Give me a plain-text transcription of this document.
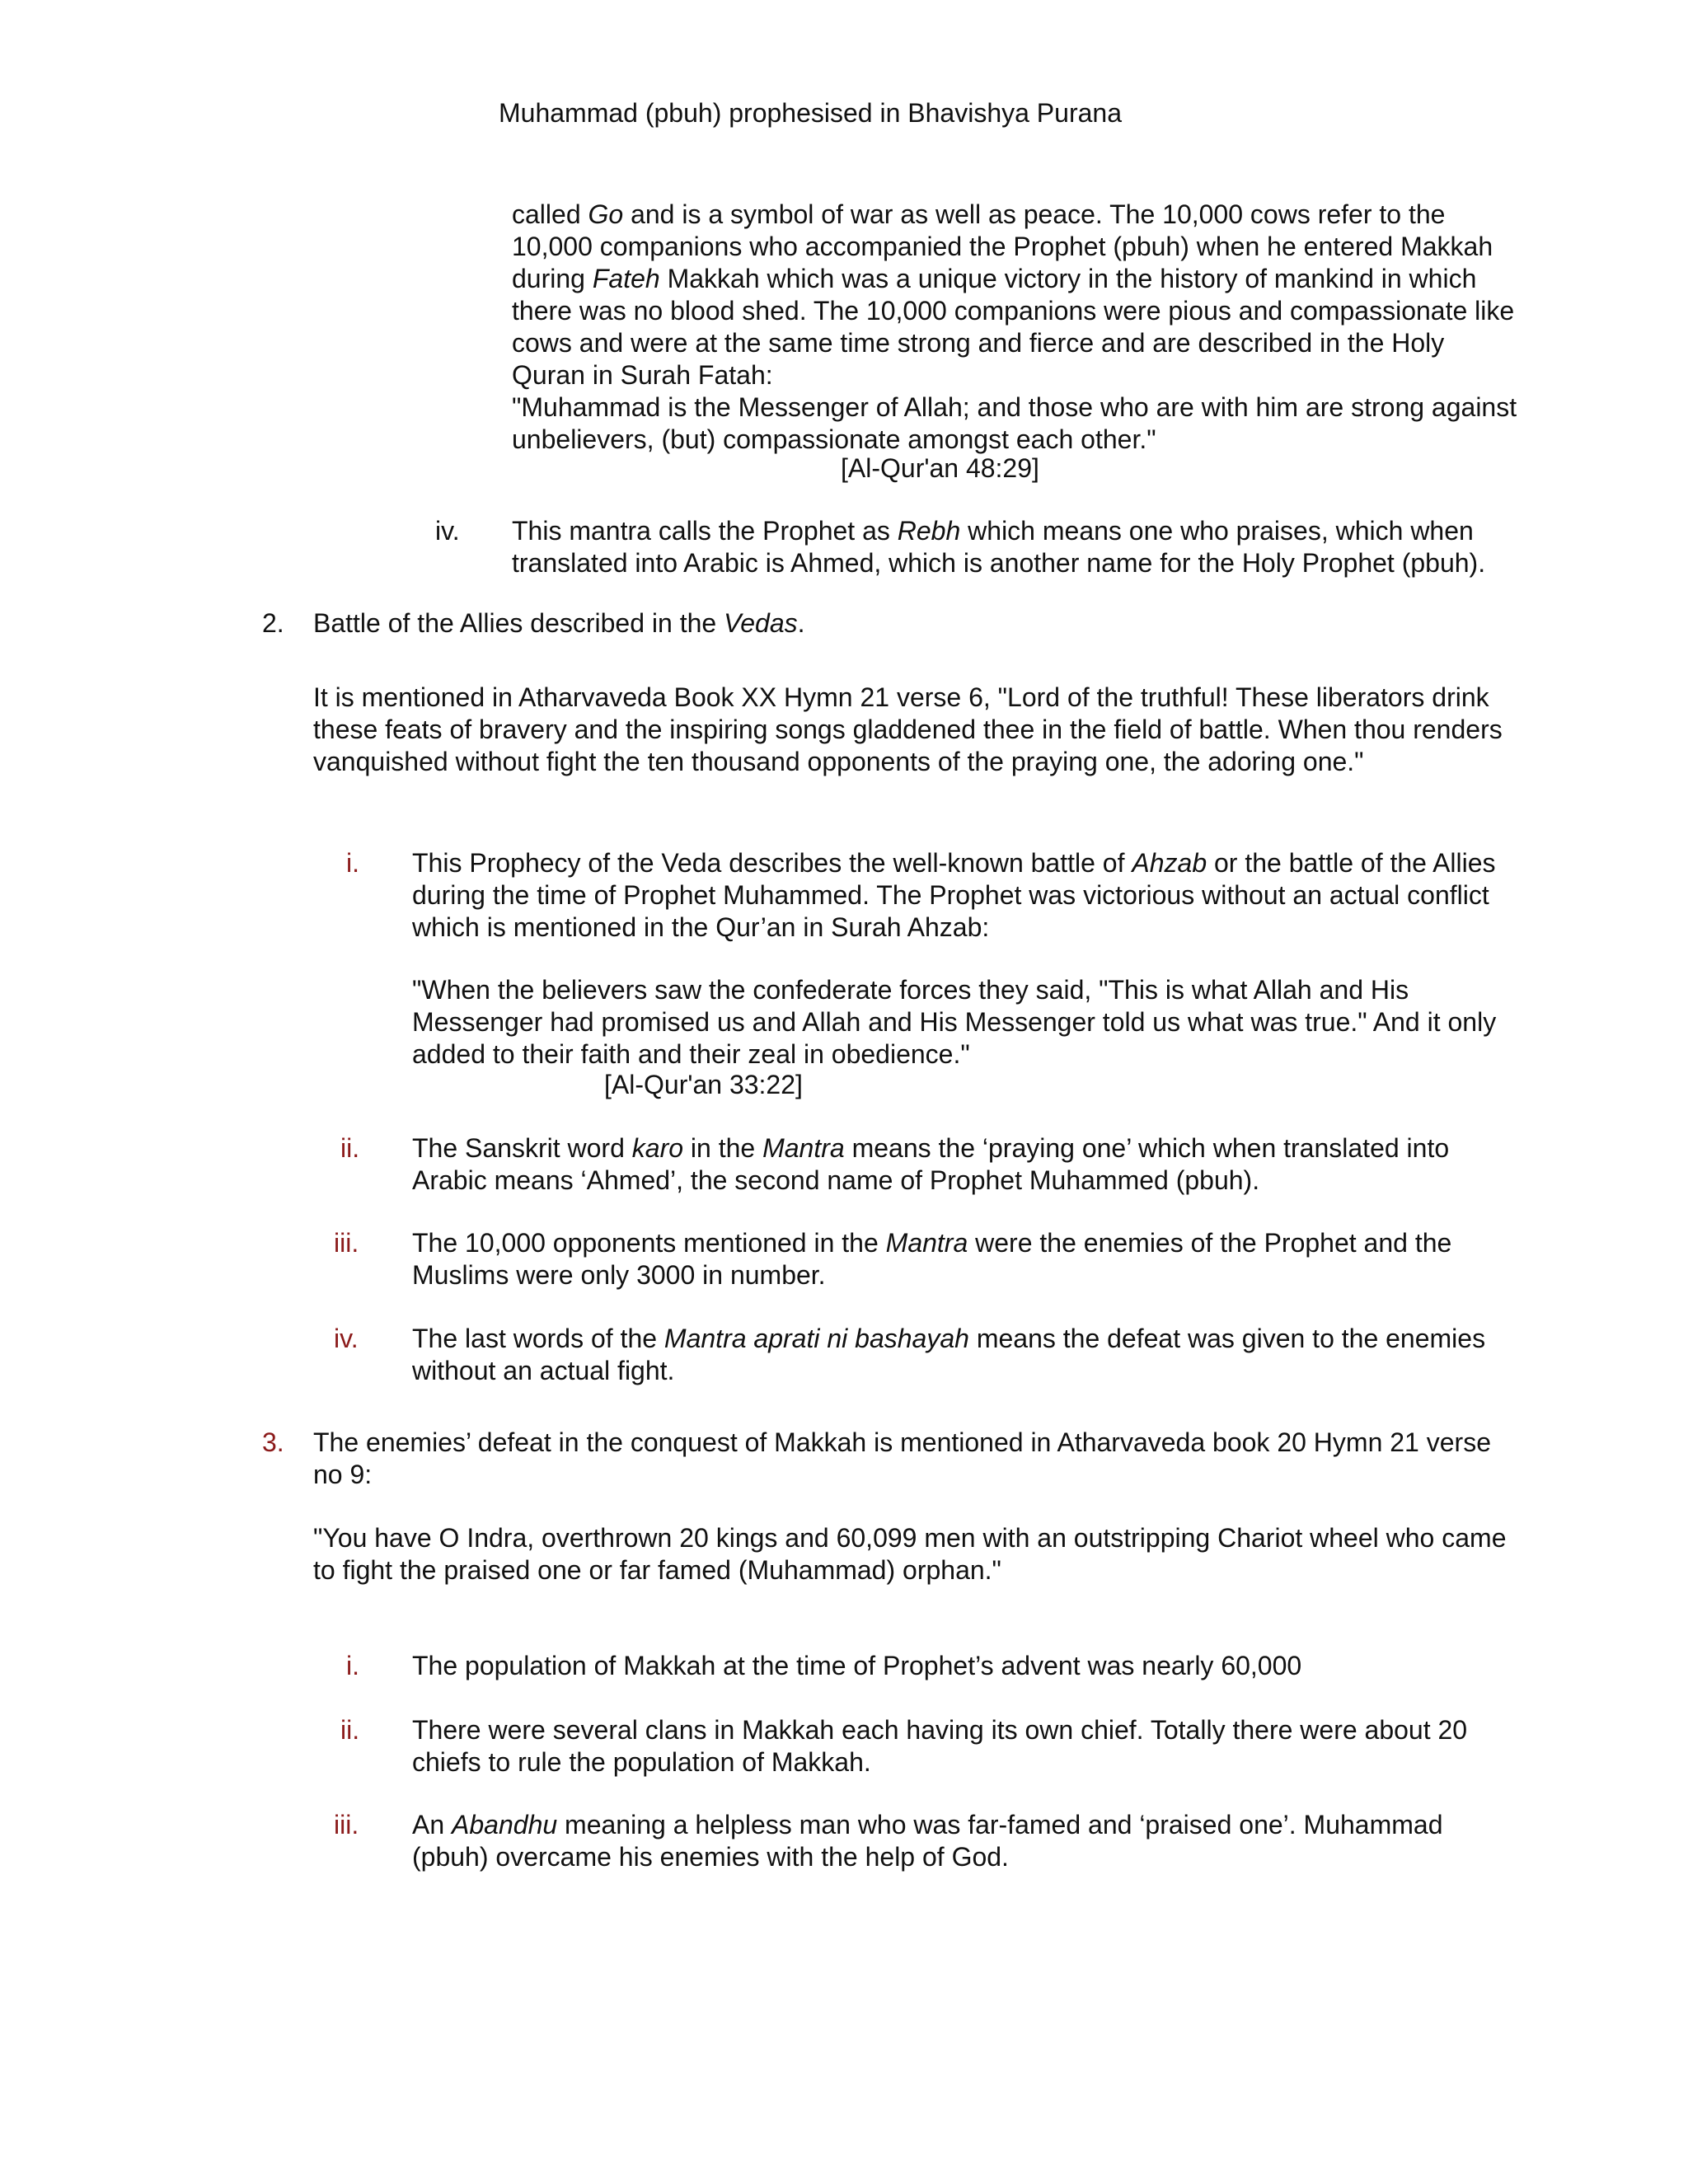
Muhammad (pbuh) prophesised in Bhavishya Purana

called Go and is a symbol of war as well as peace. The 10,000 cows refer to the

10,000 companions who accompanied the Prophet (pbuh) when he entered Makkah

during Fateh Makkah which was a unique victory in the history of mankind in which

there was no blood shed. The 10,000 companions were pious and compassionate like

cows and were at the same time strong and fierce and are described in the Holy

Quran in Surah Fatah:

"Muhammad is the Messenger of Allah; and those who are with him are strong against

unbelievers, (but) compassionate amongst each other."

[Al-Qur'an 48:29]
iv. This mantra calls the Prophet as Rebh which means one who praises, which when

translated into Arabic is Ahmed, which is another name for the Holy Prophet (pbuh).

2. Battle of the Allies described in the Vedas.

It is mentioned in Atharvaveda Book XX Hymn 21 verse 6, "Lord of the truthful! These liberators drink

these feats of bravery and the inspiring songs gladdened thee in the field of battle. When thou renders

vanquished without fight the ten thousand opponents of the praying one, the adoring one."

i. This Prophecy of the Veda describes the well-known battle of Ahzab or the battle of the Allies

during the time of Prophet Muhammed. The Prophet was victorious without an actual conflict

which is mentioned in the Qur’an in Surah Ahzab:

"When the believers saw the confederate forces they said, "This is what Allah and His

Messenger had promised us and Allah and His Messenger told us what was true." And it only

added to their faith and their zeal in obedience."

[Al-Qur'an 33:22]
ii. The Sanskrit word karo in the Mantra means the ‘praying one’ which when translated into

Arabic means ‘Ahmed’, the second name of Prophet Muhammed (pbuh).

iii. The 10,000 opponents mentioned in the Mantra were the enemies of the Prophet and the

Muslims were only 3000 in number.

iv. The last words of the Mantra aprati ni bashayah means the defeat was given to the enemies

without an actual fight.

3. The enemies’ defeat in the conquest of Makkah is mentioned in Atharvaveda book 20 Hymn 21 verse

no 9:

"You have O Indra, overthrown 20 kings and 60,099 men with an outstripping Chariot wheel who came

to fight the praised one or far famed (Muhammad) orphan."

i. The population of Makkah at the time of Prophet’s advent was nearly 60,000

ii. There were several clans in Makkah each having its own chief. Totally there were about 20

chiefs to rule the population of Makkah.

iii. An Abandhu meaning a helpless man who was far-famed and ‘praised one’. Muhammad

(pbuh) overcame his enemies with the help of God.
